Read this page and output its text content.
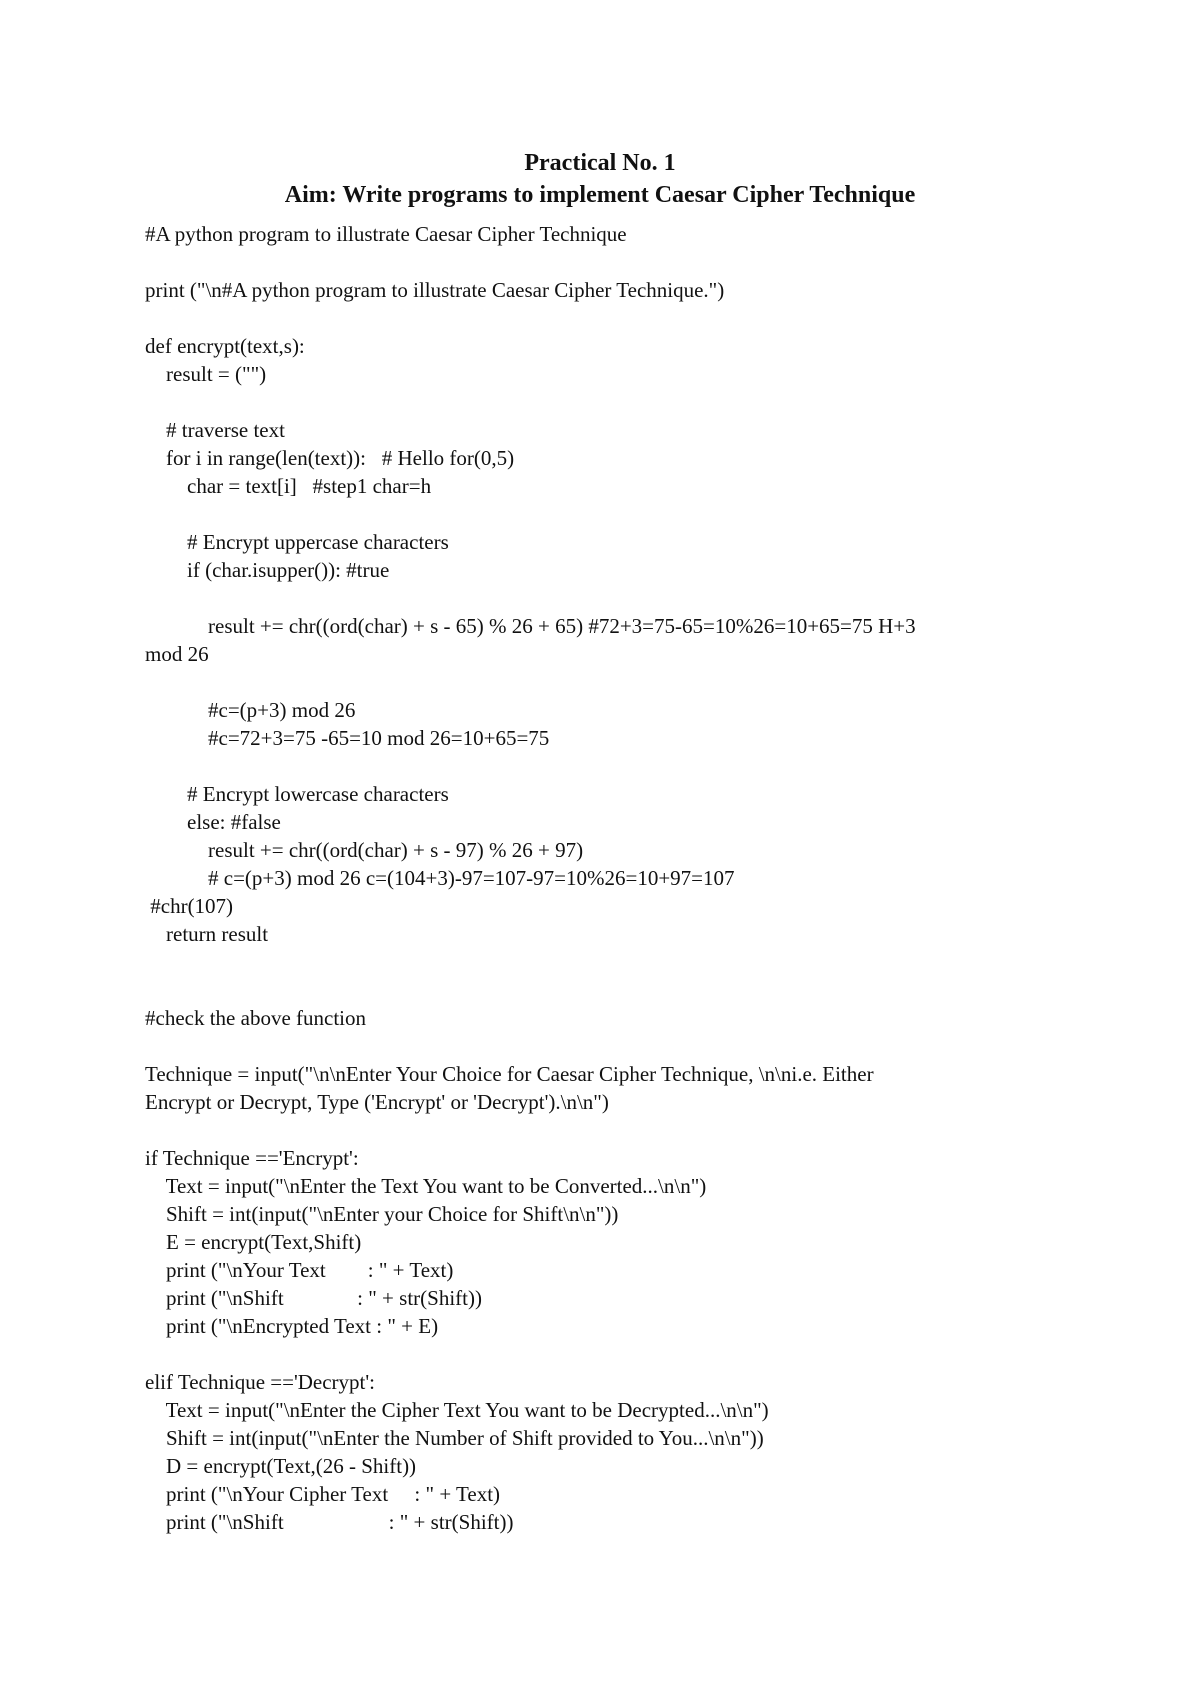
Practical No. 1
Aim: Write programs to implement Caesar Cipher Technique
#A python program to illustrate Caesar Cipher Technique
print ("\n#A python program to illustrate Caesar Cipher Technique.")
def encrypt(text,s):
result = ("")
# traverse text
for i in range(len(text)):   # Hello for(0,5)
char = text[i]   #step1 char=h
# Encrypt uppercase characters
if (char.isupper()): #true
result += chr((ord(char) + s - 65) % 26 + 65) #72+3=75-65=10%26=10+65=75 H+3
mod 26
#c=(p+3) mod 26
#c=72+3=75 -65=10 mod 26=10+65=75
# Encrypt lowercase characters
else: #false
result += chr((ord(char) + s - 97) % 26 + 97)
# c=(p+3) mod 26 c=(104+3)-97=107-97=10%26=10+97=107
#chr(107)
return result
#check the above function
Technique = input("\n\nEnter Your Choice for Caesar Cipher Technique, \n\ni.e. Either
Encrypt or Decrypt, Type ('Encrypt' or 'Decrypt').\n\n")
if Technique =='Encrypt':
Text = input("\nEnter the Text You want to be Converted...\n\n")
Shift = int(input("\nEnter your Choice for Shift\n\n"))
E = encrypt(Text,Shift)
print ("\nYour Text        : " + Text)
print ("\nShift              : " + str(Shift))
print ("\nEncrypted Text : " + E)
elif Technique =='Decrypt':
Text = input("\nEnter the Cipher Text You want to be Decrypted...\n\n")
Shift = int(input("\nEnter the Number of Shift provided to You...\n\n"))
D = encrypt(Text,(26 - Shift))
print ("\nYour Cipher Text     : " + Text)
print ("\nShift                    : " + str(Shift))
